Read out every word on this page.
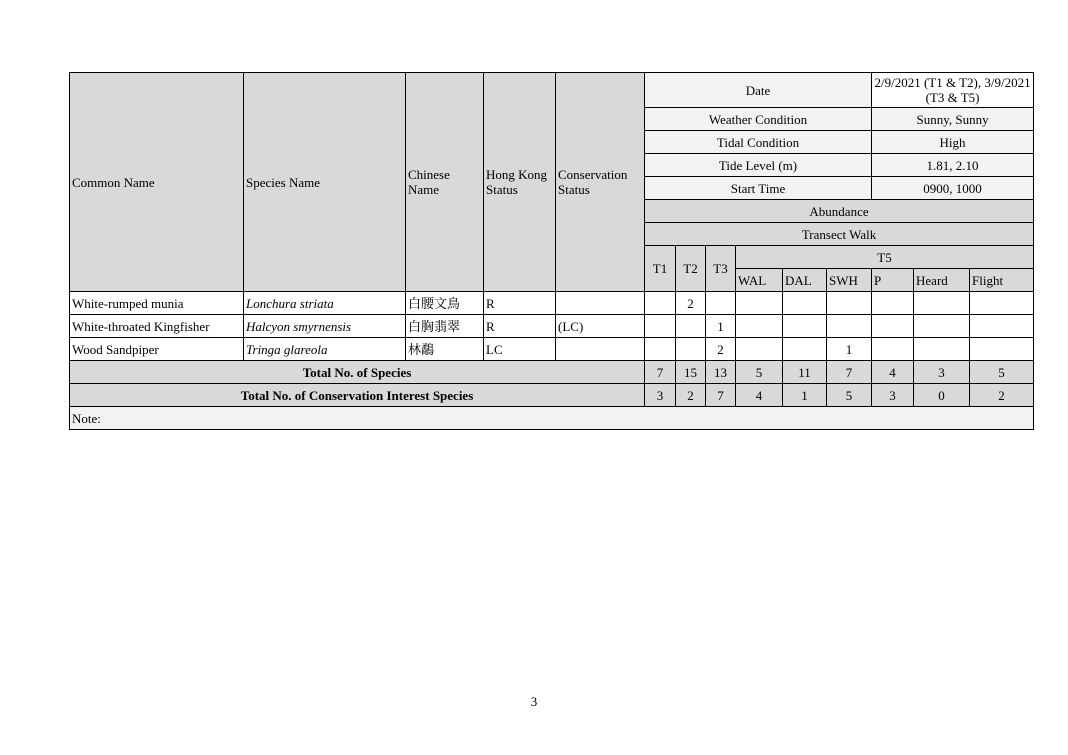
Common Name	Species Name	Chinese Name	Hong Kong Status	Conservation Status	Date						2/9/2021 (T1 & T2), 3/9/2021 (T3 & T5)		
					Weather Condition						Sunny, Sunny		
					Tidal Condition						High		
					Tide Level (m)						1.81, 2.10		
					Start Time						0900, 1000		
					Abundance								
					Transect Walk								
					T1	T2	T3	T5					
								WAL	DAL	SWH	P	Heard	Flight
White-rumped munia	Lonchura striata	白腰文鳥	R			2							
White-throated Kingfisher	Halcyon smyrnensis	白胸翡翠	R	(LC)			1						
Wood Sandpiper	Tringa glareola	林鷸	LC				2			1			
Total No. of Species					7	15	13	5	11	7	4	3	5
Total No. of Conservation Interest Species					3	2	7	4	1	5	3	0	2
Note:													
3
